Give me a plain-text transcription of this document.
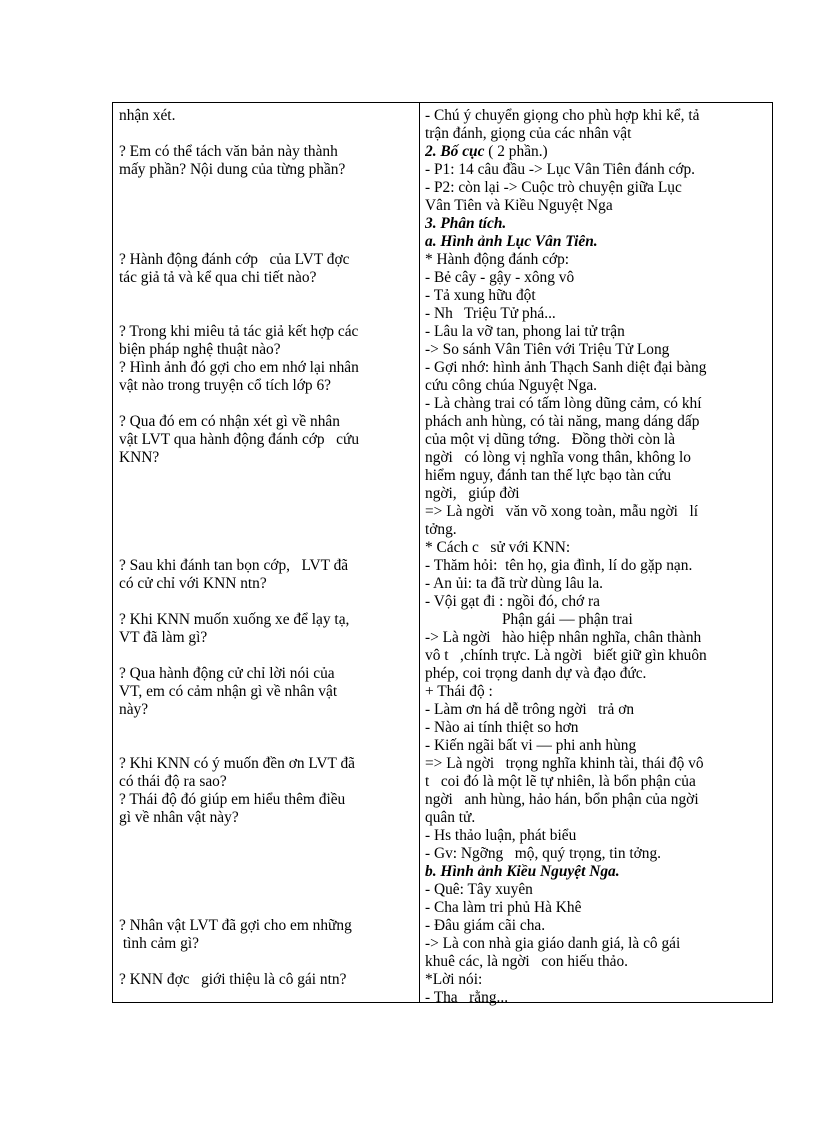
nhận xét.
? Em có thể tách văn bản này thành
mấy phần? Nội dung của từng phần?
? Hành động đánh cớp   của LVT đợc
tác giả tả và kể qua chi tiết nào?
? Trong khi miêu tả tác giả kết hợp các
biện pháp nghệ thuật nào?
? Hình ảnh đó gợi cho em nhớ lại nhân
vật nào trong truyện cổ tích lớp 6?
? Qua đó em có nhận xét gì về nhân
vật LVT qua hành động đánh cớp   cứu
KNN?
? Sau khi đánh tan bọn cớp,   LVT đã
có cử chỉ với KNN ntn?
? Khi KNN muốn xuống xe để lạy tạ,
VT đã làm gì?
? Qua hành động cử chỉ lời nói của
VT, em có cảm nhận gì về nhân vật
này?
? Khi KNN có ý muốn đền ơn LVT đã
có thái độ ra sao?
? Thái độ đó giúp em hiểu thêm điều
gì về nhân vật này?
? Nhân vật LVT đã gợi cho em những
tình cảm gì?
? KNN đợc   giới thiệu là cô gái ntn?
- Chú ý chuyển giọng cho phù hợp khi kể, tả
trận đánh, giọng của các nhân vật
2. Bố cục ( 2 phần.)
- P1: 14 câu đầu -> Lục Vân Tiên đánh cớp.
- P2: còn lại -> Cuộc trò chuyện giữa Lục
Vân Tiên và Kiều Nguyệt Nga
3. Phân tích.
a. Hình ảnh Lục Vân Tiên.
* Hành động đánh cớp:
- Bẻ cây - gậy - xông vô
- Tả xung hữu đột
- Nh   Triệu Tử phá...
- Lâu la vỡ tan, phong lai tử trận
-> So sánh Vân Tiên với Triệu Tử Long
- Gợi nhớ: hình ảnh Thạch Sanh diệt đại bàng
cứu công chúa Nguyệt Nga.
- Là chàng trai có tấm lòng dũng cảm, có khí
phách anh hùng, có tài năng, mang dáng dấp
của một vị dũng tớng.   Đồng thời còn là
ngời   có lòng vị nghĩa vong thân, không lo
hiểm nguy, đánh tan thế lực bạo tàn cứu
ngời,   giúp đời
=> Là ngời   văn võ xong toàn, mẫu ngời   lí
tởng.
* Cách c   sử với KNN:
- Thăm hỏi:  tên họ, gia đình, lí do gặp nạn.
- An ủi: ta đã trừ dùng lâu la.
- Vội gạt đi : ngồi đó, chớ ra
Phận gái — phận trai
-> Là ngời   hào hiệp nhân nghĩa, chân thành
vô t   ,chính trực. Là ngời   biết giữ gìn khuôn
phép, coi trọng danh dự và đạo đức.
+ Thái độ :
- Làm ơn há dễ trông ngời   trả ơn
- Nào ai tính thiệt so hơn
- Kiến ngãi bất vi — phi anh hùng
=> Là ngời   trọng nghĩa khinh tài, thái độ vô
t   coi đó là một lẽ tự nhiên, là bổn phận của
ngời   anh hùng, hảo hán, bổn phận của ngời
quân tử.
- Hs thảo luận, phát biểu
- Gv: Ngỡng   mộ, quý trọng, tin tởng.
b. Hình ảnh Kiều Nguyệt Nga.
- Quê: Tây xuyên
- Cha làm tri phủ Hà Khê
- Đâu giám cãi cha.
-> Là con nhà gia giáo danh giá, là cô gái
khuê các, là ngời   con hiếu thảo.
*Lời nói:
- Tha   rằng...
